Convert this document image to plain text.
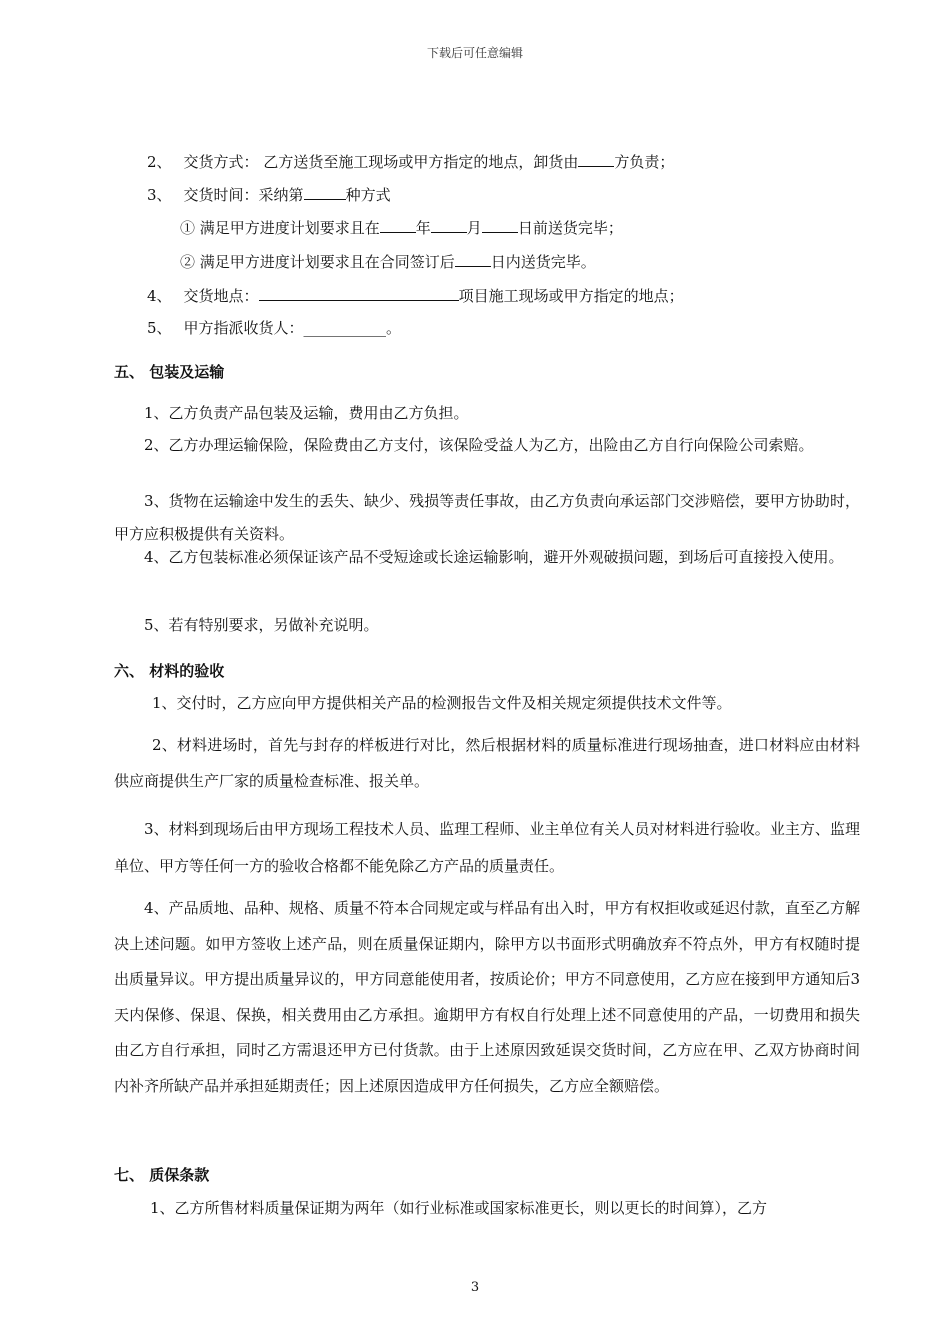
下载后可任意编辑

2、 交货方式： 乙方送货至施工现场或甲方指定的地点，卸货由 方负责；

3、 交货时间：采纳第	种方式

① 满足甲方进度计划要求且在 年 月 日前送货完毕；

② 满足甲方进度计划要求且在合同签订后 日内送货完毕。

4、 交货地点：	项目施工现场或甲方指定的地点；

5、 甲方指派收货人：___________。

五、 包装及运输

1、乙方负责产品包装及运输，费用由乙方负担。

2、乙方办理运输保险，保险费由乙方支付，该保险受益人为乙方，出险由乙方自行向保险公司索赔。

3、货物在运输途中发生的丢失、缺少、残损等责任事故，由乙方负责向承运部门交涉赔偿，要甲方协助时，甲方应积极提供有关资料。

4、乙方包装标准必须保证该产品不受短途或长途运输影响，避开外观破损问题，到场后可直接投入使用。

5、若有特别要求，另做补充说明。

六、 材料的验收

1、交付时，乙方应向甲方提供相关产品的检测报告文件及相关规定须提供技术文件等。

2、材料进场时，首先与封存的样板进行对比，然后根据材料的质量标准进行现场抽查，进口材料应由材料供应商提供生产厂家的质量检查标准、报关单。

3、材料到现场后由甲方现场工程技术人员、监理工程师、业主单位有关人员对材料进行验收。业主方、监理单位、甲方等任何一方的验收合格都不能免除乙方产品的质量责任。

4、产品质地、品种、规格、质量不符本合同规定或与样品有出入时，甲方有权拒收或延迟付款，直至乙方解决上述问题。如甲方签收上述产品，则在质量保证期内，除甲方以书面形式明确放弃不符点外，甲方有权随时提出质量异议。甲方提出质量异议的，甲方同意能使用者，按质论价；甲方不同意使用，乙方应在接到甲方通知后3天内保修、保退、保换，相关费用由乙方承担。逾期甲方有权自行处理上述不同意使用的产品，一切费用和损失由乙方自行承担，同时乙方需退还甲方已付货款。由于上述原因致延误交货时间，乙方应在甲、乙双方协商时间内补齐所缺产品并承担延期责任；因上述原因造成甲方任何损失，乙方应全额赔偿。

七、 质保条款

1、乙方所售材料质量保证期为两年（如行业标准或国家标准更长，则以更长的时间算），乙方

3
